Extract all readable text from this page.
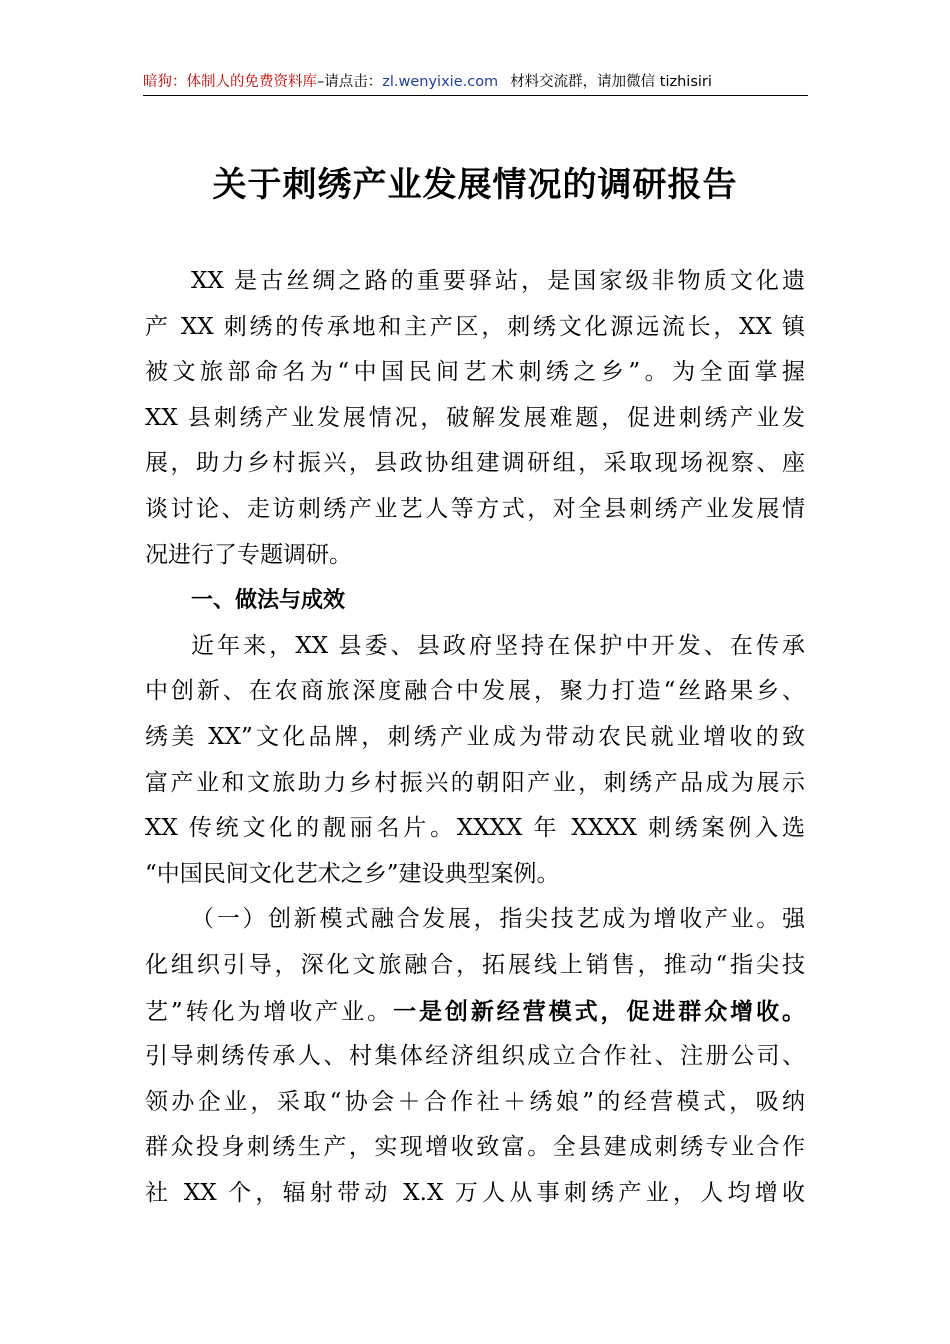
暗狗：体制人的免费资料库–请点击：zl.wenyixie.com 材料交流群，请加微信 tizhisiri
关于刺绣产业发展情况的调研报告

XX 是古丝绸之路的重要驿站，是国家级非物质文化遗
产 XX 刺绣的传承地和主产区，刺绣文化源远流长，XX 镇
被文旅部命名为“中国民间艺术刺绣之乡”。为全面掌握
XX 县刺绣产业发展情况，破解发展难题，促进刺绣产业发
展，助力乡村振兴，县政协组建调研组，采取现场视察、座
谈讨论、走访刺绣产业艺人等方式，对全县刺绣产业发展情
况进行了专题调研。

一、做法与成效

近年来，XX 县委、县政府坚持在保护中开发、在传承
中创新、在农商旅深度融合中发展，聚力打造“丝路果乡、
绣美 XX”文化品牌，刺绣产业成为带动农民就业增收的致
富产业和文旅助力乡村振兴的朝阳产业，刺绣产品成为展示
XX 传统文化的靓丽名片。XXXX 年 XXXX 刺绣案例入选
“中国民间文化艺术之乡”建设典型案例。

（一）创新模式融合发展，指尖技艺成为增收产业。强
化组织引导，深化文旅融合，拓展线上销售，推动“指尖技
艺”转化为增收产业。一是创新经营模式，促进群众增收。
引导刺绣传承人、村集体经济组织成立合作社、注册公司、
领办企业，采取“协会＋合作社＋绣娘”的经营模式，吸纳
群众投身刺绣生产，实现增收致富。全县建成刺绣专业合作
社 XX 个，辐射带动 X.X 万人从事刺绣产业，人均增收
